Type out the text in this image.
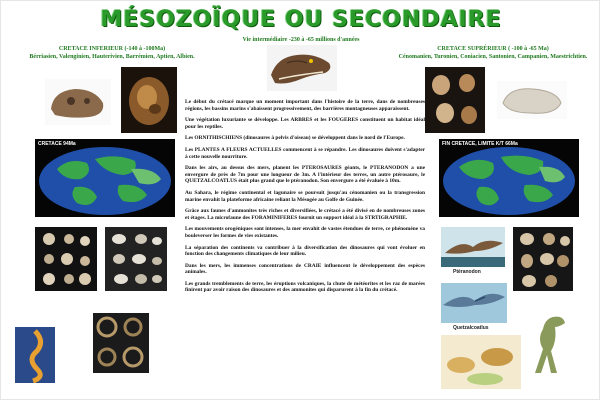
MÉSOZOÏQUE OU SECONDAIRE
Vie intermédiaire -230 à -65 millions d'années
CRETACE INFERIEUR (-140 à -100Ma)
Bérriasien, Valenginien, Hauterivien, Barrémien, Aptien, Albien.
CRETACE SUPRÉRIEUR ( -100 à -65 Ma)
Cénomanien, Turonien, Coniacien, Santonien, Campanien, Maestrichtien.
CRETACE 94Ma	FIN CRETACE, LIMITE K/T 66Ma
Ptéranodon
Quetzalcoatlus

Le début du crétacé marque un moment important dans l'histoire de la terre, dans de nombreuses régions, les bassins marins s'abaissent progressivement, des barrières montagneuses apparaissent.

Une végétation luxuriante se développe. Les ARBRES et les FOUGERES constituent un habitat idéal pour les reptiles.

Les ORNITHISCHIENS (dinosaures à pelvis d'oiseau) se développent dans le nord de l'Europe.

Les PLANTES A FLEURS ACTUELLES commencent à se répandre. Les dinosaures doivent s'adapter à cette nouvelle nourriture.

Dans les airs, au dessus des mers, planent les PTEROSAURES géants, le PTERANODON a une envergure de près de 7m pour une longueur de 3m. A l'intérieur des terres, un autre ptérosaure, le QUETZALCOATLUS était plus grand que le ptéranodon. Son envergure a été évaluée à 10m.

Au Sahara, le régime continental et lagunaire se poursuit jusqu'au cénomanien ou la transgression marine envahit la plateforme africaine reliant la Mésogée au Golfe de Guinée.

Grâce aux faunes d'ammonites très riches et diversifiées, le crétacé a été divisé en de nombreuses zones et étages. La microfaune des FORAMINIFERES fournit un support idéal à la STRTIGRAPHIE.

Les mouvements orogéniques sont intenses, la mer envahit de vastes étendues de terre, ce phénomène va bouleverser les formes de vies existantes.

La séparation des continents va contribuer à la diversification des dinosaures qui vont évoluer en fonction des changements climatiques de leur milieu.

Dans les mers, les immenses concentrations de CRAIE influencent le développement des espèces animales.

Les grands tremblements de terre, les éruptions volcaniques, la chute de météorites et les raz de marées finirent par avoir raison des dinosaures et des ammonites qui disparurent à la fin du crétacé.
